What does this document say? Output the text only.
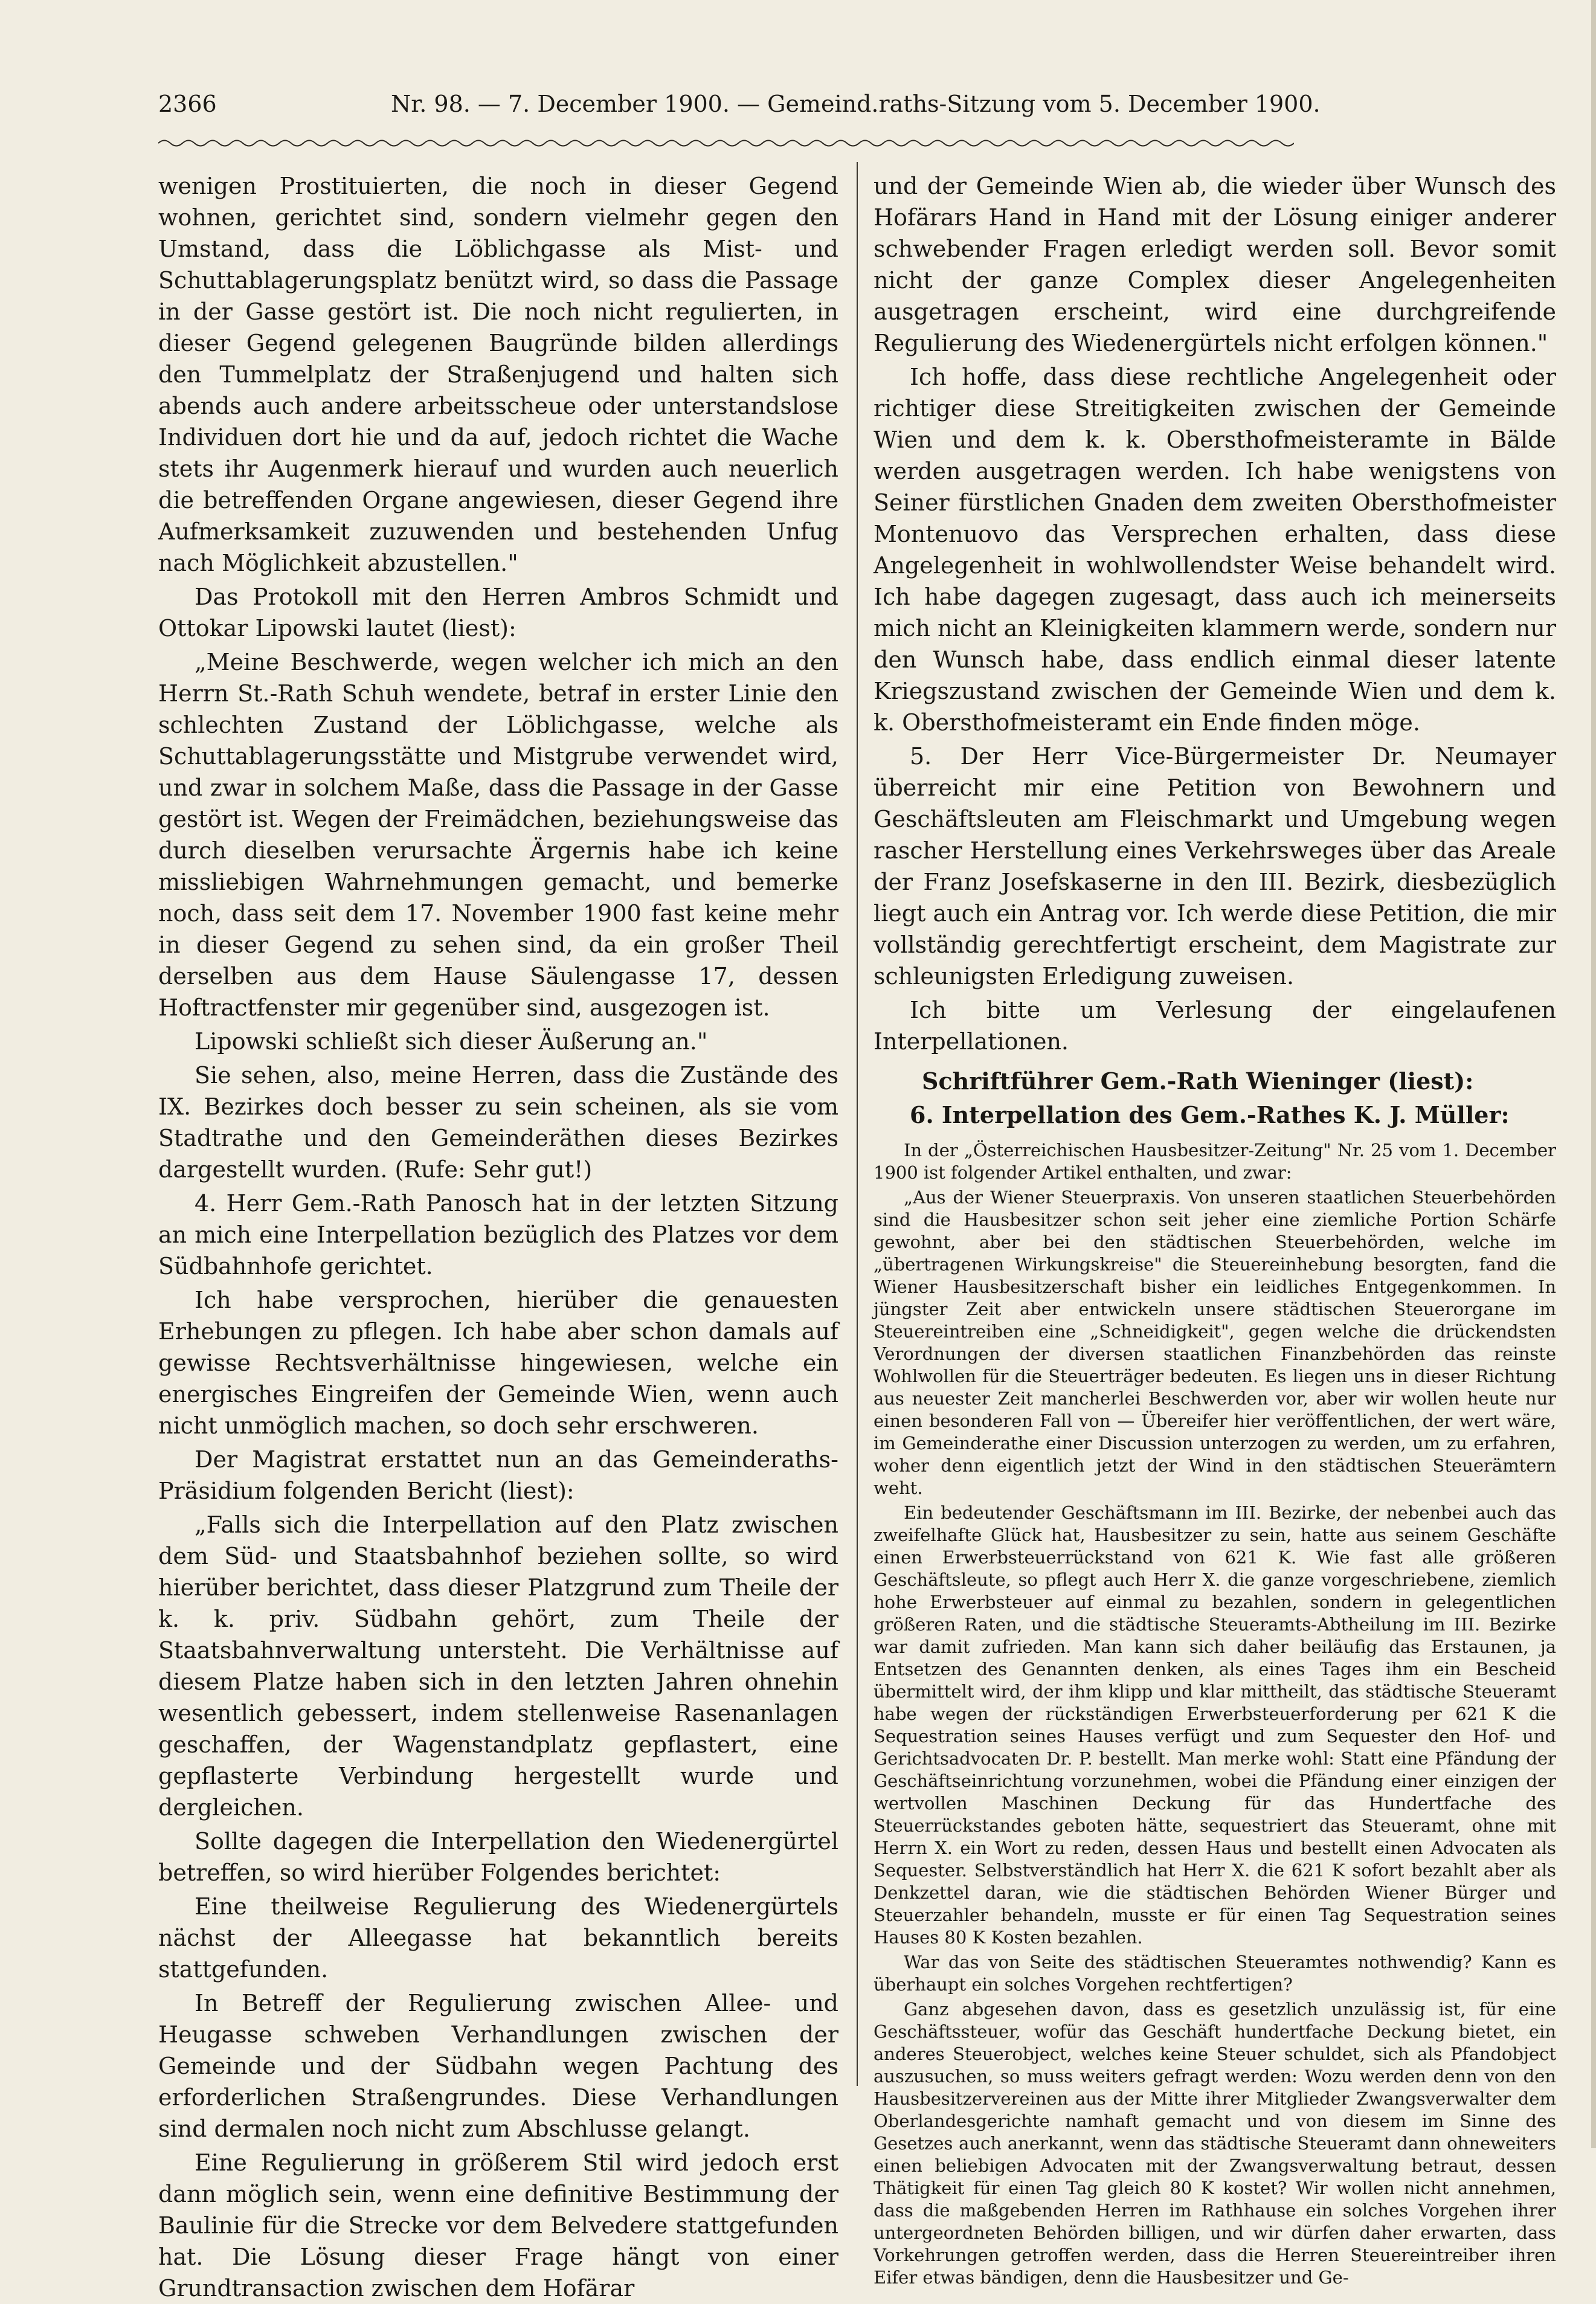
2366	Nr. 98. — 7. December 1900. — Gemeind.raths-Sitzung vom 5. December 1900.

wenigen Prostituierten, die noch in dieser Gegend wohnen, gerichtet sind, sondern vielmehr gegen den Umstand, dass die Löblichgasse als Mist- und Schuttablagerungsplatz benützt wird, so dass die Passage in der Gasse gestört ist. Die noch nicht regulierten, in dieser Gegend gelegenen Baugründe bilden allerdings den Tummelplatz der Straßenjugend und halten sich abends auch andere arbeitsscheue oder unterstandslose Individuen dort hie und da auf, jedoch richtet die Wache stets ihr Augenmerk hierauf und wurden auch neuerlich die betreffenden Organe angewiesen, dieser Gegend ihre Aufmerksamkeit zuzuwenden und bestehenden Unfug nach Möglichkeit abzustellen."

Das Protokoll mit den Herren Ambros Schmidt und Ottokar Lipowski lautet (liest):

„Meine Beschwerde, wegen welcher ich mich an den Herrn St.-Rath Schuh wendete, betraf in erster Linie den schlechten Zustand der Löblichgasse, welche als Schuttablagerungsstätte und Mistgrube verwendet wird, und zwar in solchem Maße, dass die Passage in der Gasse gestört ist. Wegen der Freimädchen, beziehungsweise das durch dieselben verursachte Ärgernis habe ich keine missliebigen Wahrnehmungen gemacht, und bemerke noch, dass seit dem 17. November 1900 fast keine mehr in dieser Gegend zu sehen sind, da ein großer Theil derselben aus dem Hause Säulengasse 17, dessen Hoftractfenster mir gegenüber sind, ausgezogen ist.

Lipowski schließt sich dieser Äußerung an."

Sie sehen, also, meine Herren, dass die Zustände des IX. Bezirkes doch besser zu sein scheinen, als sie vom Stadtrathe und den Gemeinderäthen dieses Bezirkes dargestellt wurden. (Rufe: Sehr gut!)

4. Herr Gem.-Rath Panosch hat in der letzten Sitzung an mich eine Interpellation bezüglich des Platzes vor dem Südbahnhofe gerichtet.

Ich habe versprochen, hierüber die genauesten Erhebungen zu pflegen. Ich habe aber schon damals auf gewisse Rechtsverhältnisse hingewiesen, welche ein energisches Eingreifen der Gemeinde Wien, wenn auch nicht unmöglich machen, so doch sehr erschweren.

Der Magistrat erstattet nun an das Gemeinderaths-Präsidium folgenden Bericht (liest):

„Falls sich die Interpellation auf den Platz zwischen dem Süd- und Staatsbahnhof beziehen sollte, so wird hierüber berichtet, dass dieser Platzgrund zum Theile der k. k. priv. Südbahn gehört, zum Theile der Staatsbahnverwaltung untersteht. Die Verhältnisse auf diesem Platze haben sich in den letzten Jahren ohnehin wesentlich gebessert, indem stellenweise Rasenanlagen geschaffen, der Wagenstandplatz gepflastert, eine gepflasterte Verbindung hergestellt wurde und dergleichen.

Sollte dagegen die Interpellation den Wiedenergürtel betreffen, so wird hierüber Folgendes berichtet:

Eine theilweise Regulierung des Wiedenergürtels nächst der Alleegasse hat bekanntlich bereits stattgefunden.

In Betreff der Regulierung zwischen Allee- und Heugasse schweben Verhandlungen zwischen der Gemeinde und der Südbahn wegen Pachtung des erforderlichen Straßengrundes. Diese Verhandlungen sind dermalen noch nicht zum Abschlusse gelangt.

Eine Regulierung in größerem Stil wird jedoch erst dann möglich sein, wenn eine definitive Bestimmung der Baulinie für die Strecke vor dem Belvedere stattgefunden hat. Die Lösung dieser Frage hängt von einer Grundtransaction zwischen dem Hofärar

und der Gemeinde Wien ab, die wieder über Wunsch des Hofärars Hand in Hand mit der Lösung einiger anderer schwebender Fragen erledigt werden soll. Bevor somit nicht der ganze Complex dieser Angelegenheiten ausgetragen erscheint, wird eine durchgreifende Regulierung des Wiedenergürtels nicht erfolgen können."

Ich hoffe, dass diese rechtliche Angelegenheit oder richtiger diese Streitigkeiten zwischen der Gemeinde Wien und dem k. k. Obersthofmeisteramte in Bälde werden ausgetragen werden. Ich habe wenigstens von Seiner fürstlichen Gnaden dem zweiten Obersthofmeister Montenuovo das Versprechen erhalten, dass diese Angelegenheit in wohlwollendster Weise behandelt wird. Ich habe dagegen zugesagt, dass auch ich meinerseits mich nicht an Kleinigkeiten klammern werde, sondern nur den Wunsch habe, dass endlich einmal dieser latente Kriegszustand zwischen der Gemeinde Wien und dem k. k. Obersthofmeisteramt ein Ende finden möge.

5. Der Herr Vice-Bürgermeister Dr. Neumayer überreicht mir eine Petition von Bewohnern und Geschäftsleuten am Fleischmarkt und Umgebung wegen rascher Herstellung eines Verkehrsweges über das Areale der Franz Josefskaserne in den III. Bezirk, diesbezüglich liegt auch ein Antrag vor. Ich werde diese Petition, die mir vollständig gerechtfertigt erscheint, dem Magistrate zur schleunigsten Erledigung zuweisen.

Ich bitte um Verlesung der eingelaufenen Interpellationen.

Schriftführer Gem.-Rath Wieninger (liest):

6. Interpellation des Gem.-Rathes K. J. Müller:

In der „Österreichischen Hausbesitzer-Zeitung" Nr. 25 vom 1. December 1900 ist folgender Artikel enthalten, und zwar:

„Aus der Wiener Steuerpraxis. Von unseren staatlichen Steuerbehörden sind die Hausbesitzer schon seit jeher eine ziemliche Portion Schärfe gewohnt, aber bei den städtischen Steuerbehörden, welche im „übertragenen Wirkungskreise" die Steuereinhebung besorgten, fand die Wiener Hausbesitzerschaft bisher ein leidliches Entgegenkommen. In jüngster Zeit aber entwickeln unsere städtischen Steuerorgane im Steuereintreiben eine „Schneidigkeit", gegen welche die drückendsten Verordnungen der diversen staatlichen Finanzbehörden das reinste Wohlwollen für die Steuerträger bedeuten. Es liegen uns in dieser Richtung aus neuester Zeit mancherlei Beschwerden vor, aber wir wollen heute nur einen besonderen Fall von — Übereifer hier veröffentlichen, der wert wäre, im Gemeinderathe einer Discussion unterzogen zu werden, um zu erfahren, woher denn eigentlich jetzt der Wind in den städtischen Steuerämtern weht.

Ein bedeutender Geschäftsmann im III. Bezirke, der nebenbei auch das zweifelhafte Glück hat, Hausbesitzer zu sein, hatte aus seinem Geschäfte einen Erwerbsteuerrückstand von 621 K. Wie fast alle größeren Geschäftsleute, so pflegt auch Herr X. die ganze vorgeschriebene, ziemlich hohe Erwerbsteuer auf einmal zu bezahlen, sondern in gelegentlichen größeren Raten, und die städtische Steueramts-Abtheilung im III. Bezirke war damit zufrieden. Man kann sich daher beiläufig das Erstaunen, ja Entsetzen des Genannten denken, als eines Tages ihm ein Bescheid übermittelt wird, der ihm klipp und klar mittheilt, das städtische Steueramt habe wegen der rückständigen Erwerbsteuerforderung per 621 K die Sequestration seines Hauses verfügt und zum Sequester den Hof- und Gerichtsadvocaten Dr. P. bestellt. Man merke wohl: Statt eine Pfändung der Geschäftseinrichtung vorzunehmen, wobei die Pfändung einer einzigen der wertvollen Maschinen Deckung für das Hundertfache des Steuerrückstandes geboten hätte, sequestriert das Steueramt, ohne mit Herrn X. ein Wort zu reden, dessen Haus und bestellt einen Advocaten als Sequester. Selbstverständlich hat Herr X. die 621 K sofort bezahlt aber als Denkzettel daran, wie die städtischen Behörden Wiener Bürger und Steuerzahler behandeln, musste er für einen Tag Sequestration seines Hauses 80 K Kosten bezahlen.

War das von Seite des städtischen Steueramtes nothwendig? Kann es überhaupt ein solches Vorgehen rechtfertigen?

Ganz abgesehen davon, dass es gesetzlich unzulässig ist, für eine Geschäftssteuer, wofür das Geschäft hundertfache Deckung bietet, ein anderes Steuerobject, welches keine Steuer schuldet, sich als Pfandobject auszusuchen, so muss weiters gefragt werden: Wozu werden denn von den Hausbesitzervereinen aus der Mitte ihrer Mitglieder Zwangsverwalter dem Oberlandesgerichte namhaft gemacht und von diesem im Sinne des Gesetzes auch anerkannt, wenn das städtische Steueramt dann ohneweiters einen beliebigen Advocaten mit der Zwangsverwaltung betraut, dessen Thätigkeit für einen Tag gleich 80 K kostet? Wir wollen nicht annehmen, dass die maßgebenden Herren im Rathhause ein solches Vorgehen ihrer untergeordneten Behörden billigen, und wir dürfen daher erwarten, dass Vorkehrungen getroffen werden, dass die Herren Steuereintreiber ihren Eifer etwas bändigen, denn die Hausbesitzer und Ge-
